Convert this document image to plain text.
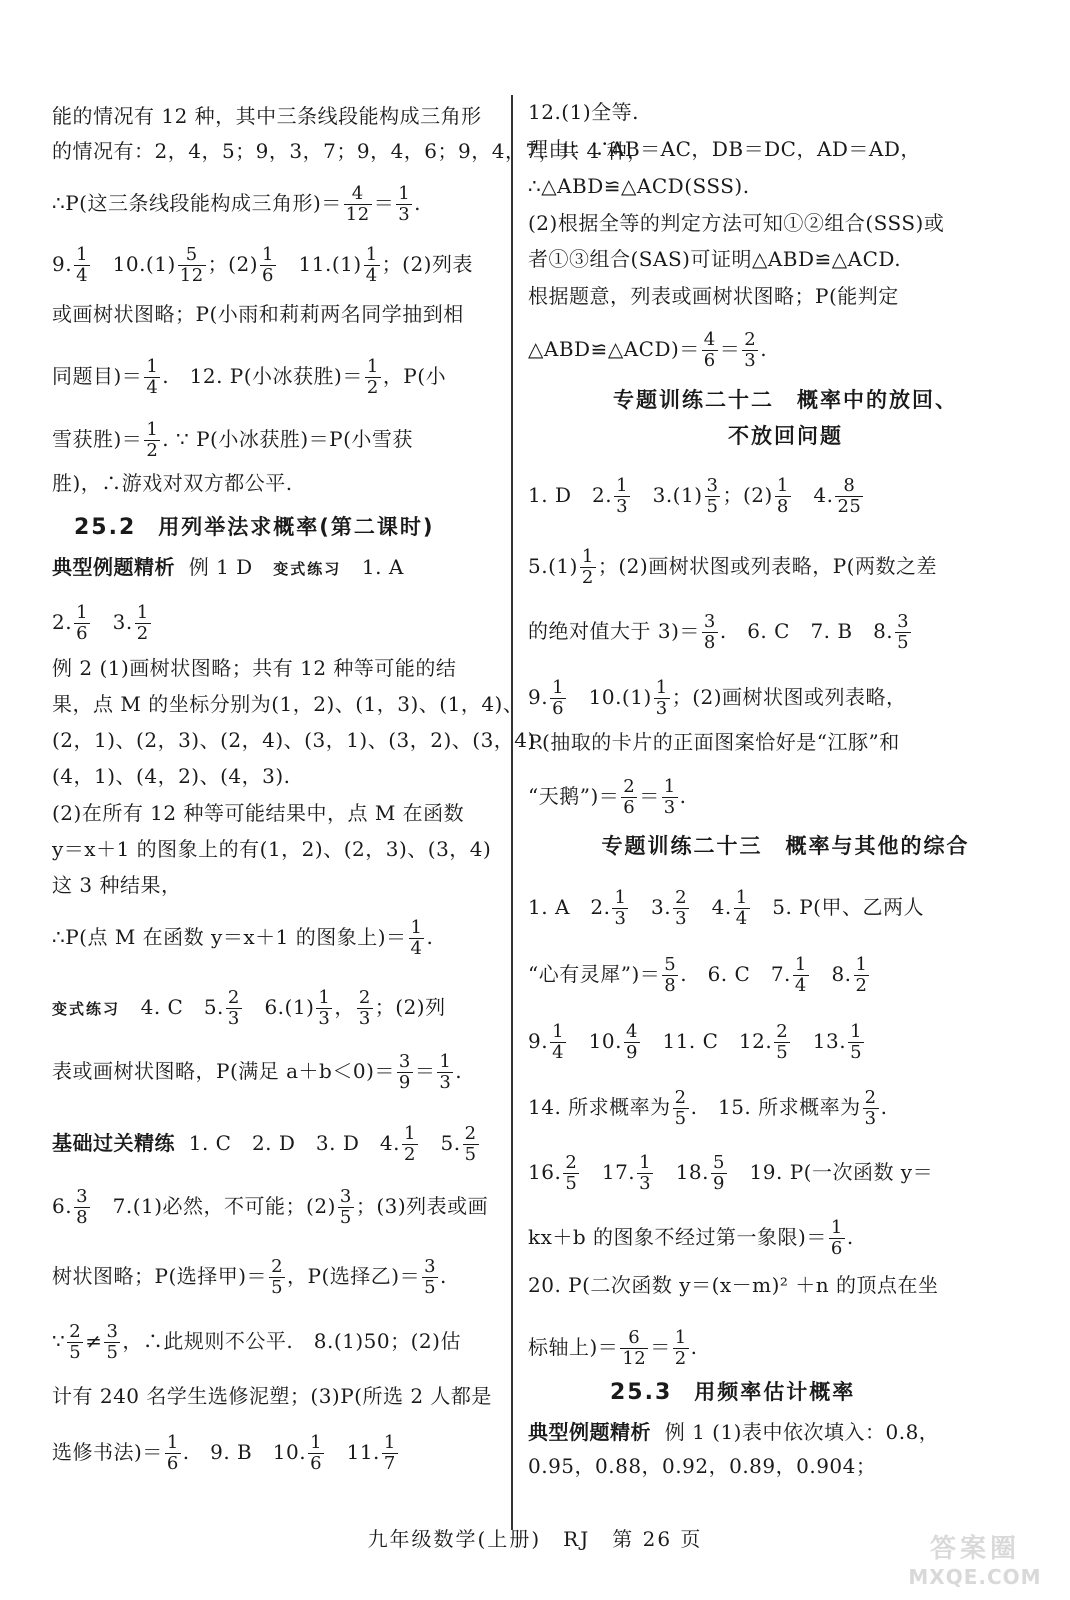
能的情况有 12 种，其中三条线段能构成三角形
的情况有：2，4，5；9，3，7；9，4，6；9，4，7，共 4 种，
∴P(这三条线段能构成三角形)＝ $\frac{4}{12} = \frac{1}{3}$ .
9. $\frac{1}{4} 10.(1) \frac{5}{12}$ ；$(2) \frac{1}{6} 11.(1) \frac{1}{4}$ ；(2)列表
或画树状图略；P(小雨和莉莉两名同学抽到相
同题目)＝ $\frac{1}{4}$ .　12. P(小冰获胜)＝ $\frac{1}{2}$ ，P(小
雪获胜)＝ $\frac{1}{2}$ . ∵ P(小冰获胜)＝P(小雪获
胜)，∴游戏对双方都公平.
25.2 用列举法求概率(第二课时)
典型例题精析 例 1 D 变式练习 1. A
2. $\frac{1}{6} 3$. $\frac{1}{2}$
例 2 (1)画树状图略；共有 12 种等可能的结
果，点 M 的坐标分别为(1，2)、(1，3)、(1，4)、
(2，1)、(2，3)、(2，4)、(3，1)、(3，2)、(3，4)、
(4，1)、(4，2)、(4，3).
(2)在所有 12 种等可能结果中，点 M 在函数
y＝x＋1 的图象上的有(1，2)、(2，3)、(3，4)
这 3 种结果，
∴P(点 M 在函数 y＝x＋1 的图象上)＝ $\frac{1}{4}$ .
变式练习 4. C　5. $\frac{2}{3} 6.(1) \frac{1}{3}$ ， $\frac{2}{3}$ ；(2)列
表或画树状图略，P(满足 $a+b<0)= \frac{3}{9} = \frac{1}{3}$ .
基础过关精练 1. C　2. D　3. D　4. $\frac{1}{2} 5$. $\frac{2}{5}$
6. $\frac{3}{8} 7.(1)$必然，不可能；$(2) \frac{3}{5}$ ；(3)列表或画
树状图略；P(选择甲)＝ $\frac{2}{5}$ ，P(选择乙)＝ $\frac{3}{5}$ .
∵ $\frac{2}{5} \ne \frac{3}{5}$ ，∴此规则不公平.　8.(1)50；(2)估
计有 240 名学生选修泥塑；(3)P(所选 2 人都是
选修书法)＝ $\frac{1}{6}$ .　9. B　10. $\frac{1}{6} 11$. $\frac{1}{7}$
12.(1)全等.
理由：∵AB＝AC，DB＝DC，AD＝AD，
∴△ABD≌△ACD(SSS).
(2)根据全等的判定方法可知①②组合(SSS)或
者①③组合(SAS)可证明△ABD≌△ACD.
根据题意，列表或画树状图略；P(能判定
△ABD≌△ACD)＝ $\frac{4}{6} = \frac{2}{3}$ .
专题训练二十二　概率中的放回、
不放回问题
1. D　2. $\frac{1}{3} 3.(1) \frac{3}{5}$ ；$(2) \frac{1}{8} 4$. $\frac{8}{25}$
$5.(1) \frac{1}{2}$ ；(2)画树状图或列表略，P(两数之差
的绝对值大于 $3)= \frac{3}{8}$ .　6. C　7. B　8. $\frac{3}{5}$
9. $\frac{1}{6} 10.(1) \frac{1}{3}$ ；(2)画树状图或列表略，
P(抽取的卡片的正面图案恰好是“江豚”和
“天鹅”)＝ $\frac{2}{6} = \frac{1}{3}$ .
专题训练二十三　概率与其他的综合
1. A　2. $\frac{1}{3} 3$. $\frac{2}{3} 4$. $\frac{1}{4} 5$. P(甲、乙两人
“心有灵犀”)＝ $\frac{5}{8}$ .　6. C　7. $\frac{1}{4} 8$. $\frac{1}{2}$
9. $\frac{1}{4} 10$. $\frac{4}{9} 11$. C　12. $\frac{2}{5} 13$. $\frac{1}{5}$
14. 所求概率为 $\frac{2}{5}$ .　15. 所求概率为 $\frac{2}{3}$ .
16. $\frac{2}{5} 17$. $\frac{1}{3} 18$. $\frac{5}{9} 19$. P(一次函数 y＝
kx＋b 的图象不经过第一象限)＝ $\frac{1}{6}$ .
20. P(二次函数 y＝(x－m)² ＋n 的顶点在坐
标轴上)＝ $\frac{6}{12} = \frac{1}{2}$ .
25.3 用频率估计概率
典型例题精析 例 1 (1)表中依次填入：0.8，
0.95，0.88，0.92，0.89，0.904；
九年级数学(上册)　RJ　第 26 页	答案圈
MXQE.COM
